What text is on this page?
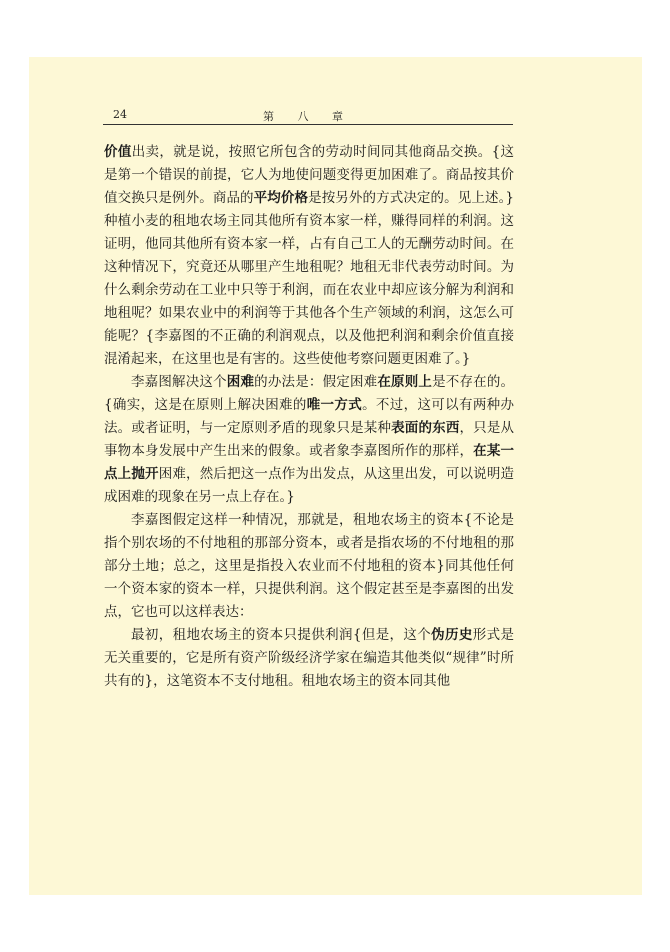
24	第 八 章

价值出卖，就是说，按照它所包含的劳动时间同其他商品交换。{这是第一个错误的前提，它人为地使问题变得更加困难了。商品按其价值交换只是例外。商品的平均价格是按另外的方式决定的。见上述。}种植小麦的租地农场主同其他所有资本家一样，赚得同样的利润。这证明，他同其他所有资本家一样，占有自己工人的无酬劳动时间。在这种情况下，究竟还从哪里产生地租呢？地租无非代表劳动时间。为什么剩余劳动在工业中只等于利润，而在农业中却应该分解为利润和地租呢？如果农业中的利润等于其他各个生产领域的利润，这怎么可能呢？{李嘉图的不正确的利润观点，以及他把利润和剩余价值直接混淆起来，在这里也是有害的。这些使他考察问题更困难了。}

李嘉图解决这个困难的办法是：假定困难在原则上是不存在的。{确实，这是在原则上解决困难的唯一方式。不过，这可以有两种办法。或者证明，与一定原则矛盾的现象只是某种表面的东西，只是从事物本身发展中产生出来的假象。或者象李嘉图所作的那样，在某一点上抛开困难，然后把这一点作为出发点，从这里出发，可以说明造成困难的现象在另一点上存在。}

李嘉图假定这样一种情况，那就是，租地农场主的资本{不论是指个别农场的不付地租的那部分资本，或者是指农场的不付地租的那部分土地；总之，这里是指投入农业而不付地租的资本}同其他任何一个资本家的资本一样，只提供利润。这个假定甚至是李嘉图的出发点，它也可以这样表达：

最初，租地农场主的资本只提供利润{但是，这个伪历史形式是无关重要的，它是所有资产阶级经济学家在编造其他类似“规律”时所共有的}，这笔资本不支付地租。租地农场主的资本同其他
